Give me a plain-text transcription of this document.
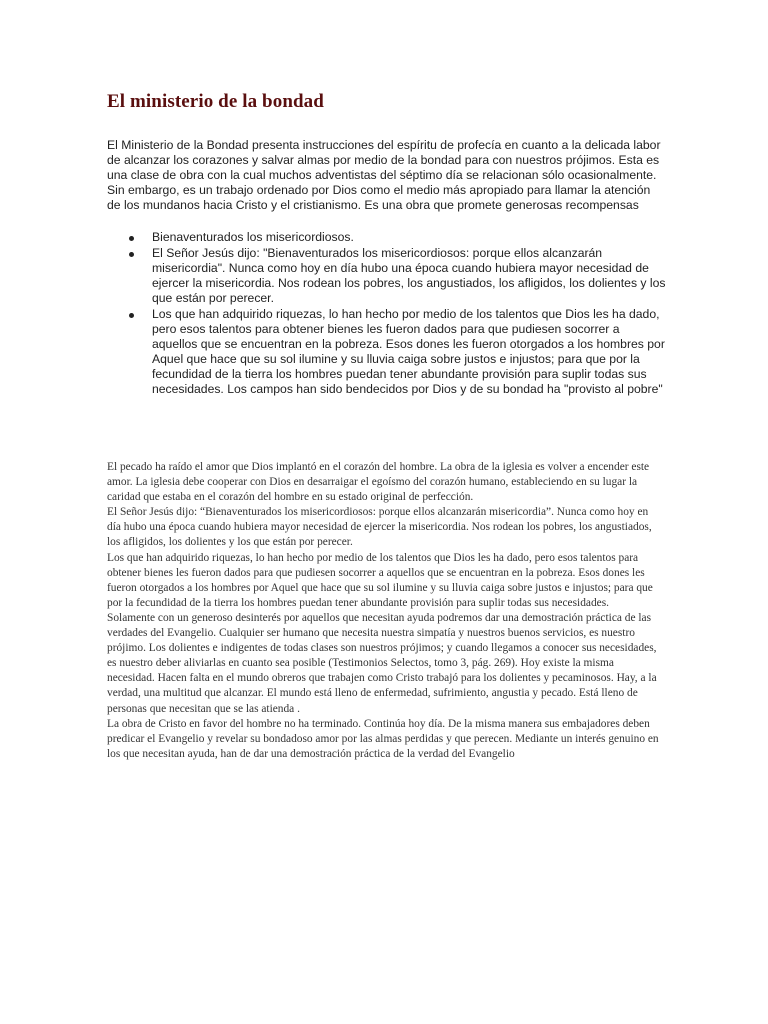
El ministerio de la bondad

El Ministerio de la Bondad presenta instrucciones del espíritu de profecía en cuanto a la delicada labor de alcanzar los corazones y salvar almas por medio de la bondad para con nuestros prójimos. Esta es una clase de obra con la cual muchos adventistas del séptimo día se relacionan sólo ocasionalmente. Sin embargo, es un trabajo ordenado por Dios como el medio más apropiado para llamar la atención de los mundanos hacia Cristo y el cristianismo. Es una obra que promete generosas recompensas

Bienaventurados los misericordiosos.
El Señor Jesús dijo: "Bienaventurados los misericordiosos: porque ellos alcanzarán misericordia". Nunca como hoy en día hubo una época cuando hubiera mayor necesidad de ejercer la misericordia. Nos rodean los pobres, los angustiados, los afligidos, los dolientes y los que están por perecer.
Los que han adquirido riquezas, lo han hecho por medio de los talentos que Dios les ha dado, pero esos talentos para obtener bienes les fueron dados para que pudiesen socorrer a aquellos que se encuentran en la pobreza. Esos dones les fueron otorgados a los hombres por Aquel que hace que su sol ilumine y su lluvia caiga sobre justos e injustos; para que por la fecundidad de la tierra los hombres puedan tener abundante provisión para suplir todas sus necesidades. Los campos han sido bendecidos por Dios y de su bondad ha "provisto al pobre"

El pecado ha raído el amor que Dios implantó en el corazón del hombre. La obra de la iglesia es volver a encender este amor. La iglesia debe cooperar con Dios en desarraigar el egoísmo del corazón humano, estableciendo en su lugar la caridad que estaba en el corazón del hombre en su estado original de perfección.

El Señor Jesús dijo: “Bienaventurados los misericordiosos: porque ellos alcanzarán misericordia”. Nunca como hoy en día hubo una época cuando hubiera mayor necesidad de ejercer la misericordia. Nos rodean los pobres, los angustiados, los afligidos, los dolientes y los que están por perecer.

Los que han adquirido riquezas, lo han hecho por medio de los talentos que Dios les ha dado, pero esos talentos para obtener bienes les fueron dados para que pudiesen socorrer a aquellos que se encuentran en la pobreza. Esos dones les fueron otorgados a los hombres por Aquel que hace que su sol ilumine y su lluvia caiga sobre justos e injustos; para que por la fecundidad de la tierra los hombres puedan tener abundante provisión para suplir todas sus necesidades.

Solamente con un generoso desinterés por aquellos que necesitan ayuda podremos dar una demostración práctica de las verdades del Evangelio. Cualquier ser humano que necesita nuestra simpatía y nuestros buenos servicios, es nuestro prójimo. Los dolientes e indigentes de todas clases son nuestros prójimos; y cuando llegamos a conocer sus necesidades, es nuestro deber aliviarlas en cuanto sea posible (Testimonios Selectos, tomo 3, pág. 269). Hoy existe la misma necesidad. Hacen falta en el mundo obreros que trabajen como Cristo trabajó para los dolientes y pecaminosos. Hay, a la verdad, una multitud que alcanzar. El mundo está lleno de enfermedad, sufrimiento, angustia y pecado. Está lleno de personas que necesitan que se las atienda .

La obra de Cristo en favor del hombre no ha terminado. Continúa hoy día. De la misma manera sus embajadores deben predicar el Evangelio y revelar su bondadoso amor por las almas perdidas y que perecen. Mediante un interés genuino en los que necesitan ayuda, han de dar una demostración práctica de la verdad del Evangelio
